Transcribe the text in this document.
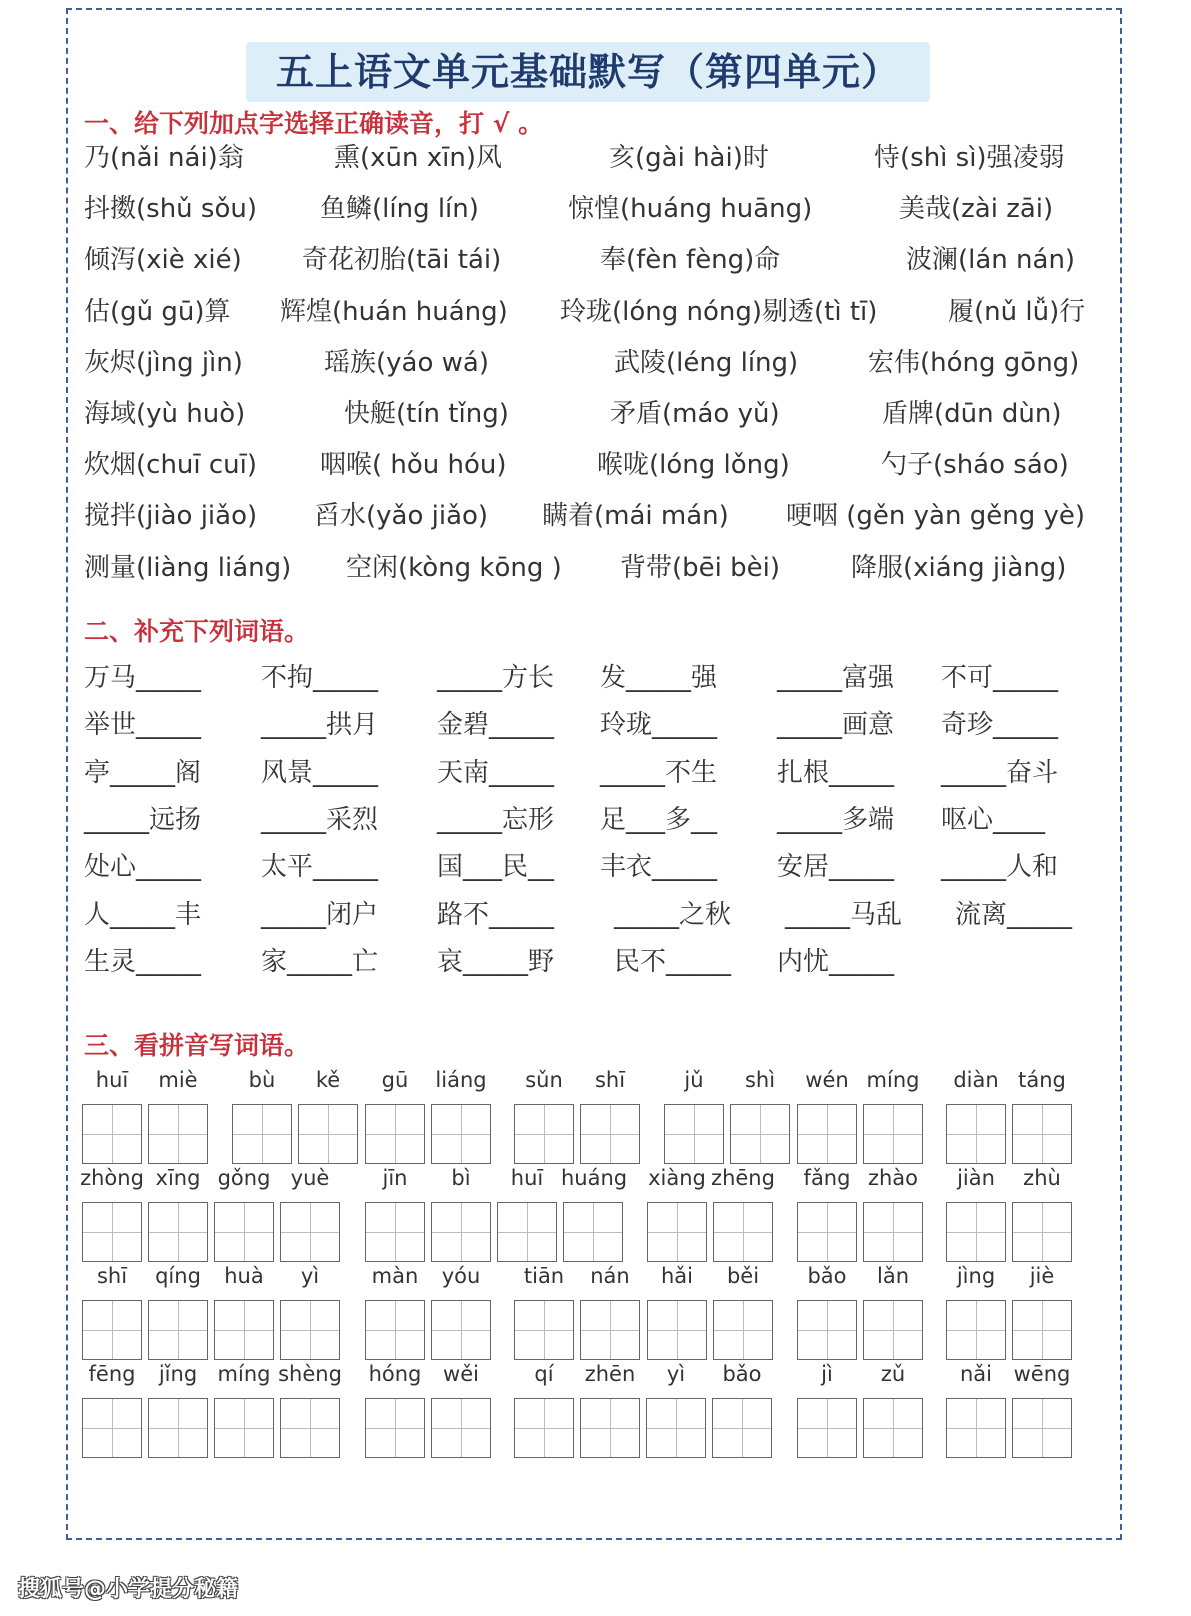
五上语文单元基础默写（第四单元）
一、给下列加点字选择正确读音，打 √ 。
乃(nǎi nái)翁	熏(xūn xīn)风	亥(gài hài)时	恃(shì sì)强凌弱
抖擞(shǔ sǒu) 鱼鳞(líng lín)	惊惶(huáng huāng)	美哉(zài zāi)
倾泻(xiè xié) 奇花初胎(tāi tái)	奉(fèn fèng)命	波澜(lán nán)
估(gǔ gū)算 辉煌(huán huáng) 玲珑(lóng nóng)剔透(tì tī)	履(nǔ lǚ)行
灰烬(jìng jìn)	瑶族(yáo wá)	武陵(léng líng)	宏伟(hóng gōng)
海域(yù huò)	快艇(tín tǐng)	矛盾(máo yǔ)	盾牌(dūn dùn)
炊烟(chuī cuī) 咽喉( hǒu hóu)	喉咙(lóng lǒng)	勺子(sháo sáo)
搅拌(jiào jiǎo) 舀水(yǎo jiǎo) 瞒着(mái mán) 哽咽 (gěn yàn gěng yè)
测量(liàng liáng) 空闲(kòng kōng ) 背带(bēi bèi)	降服(xiáng jiàng)
二、补充下列词语。
万马_____ 不拘_____ _____方长 发_____强 _____富强 不可_____
举世_____ _____拱月 金碧_____ 玲珑_____ _____画意 奇珍_____
亭_____阁 风景_____ 天南_____ _____不生 扎根_____ _____奋斗
_____远扬 _____采烈 _____忘形 足___多__ _____多端 呕心____
处心_____ 太平_____ 国___民__ 丰衣_____ 安居_____ _____人和
人_____丰 _____闭户 路不_____ _____之秋 _____马乱 流离_____
生灵_____ 家_____亡 哀_____野 民不_____ 内忧_____
三、看拼音写词语。
huī	miè	bù	kě	gū	liáng	sǔn	shī	jǔ	shì	wén míng	diàn táng
zhòng xīng gǒng yuè	jīn	bì	huī huáng xiàng zhēng	fǎng zhào	jiàn	zhù
shī	qíng	huà	yì	màn	yóu	tiān	nán	hǎi	běi	bǎo	lǎn	jìng	jiè
fēng	jǐng míng shèng hóng	wěi	qí	zhēn	yì	bǎo	jì	zǔ	nǎi	wēng
搜狐号@小学提分秘籍
